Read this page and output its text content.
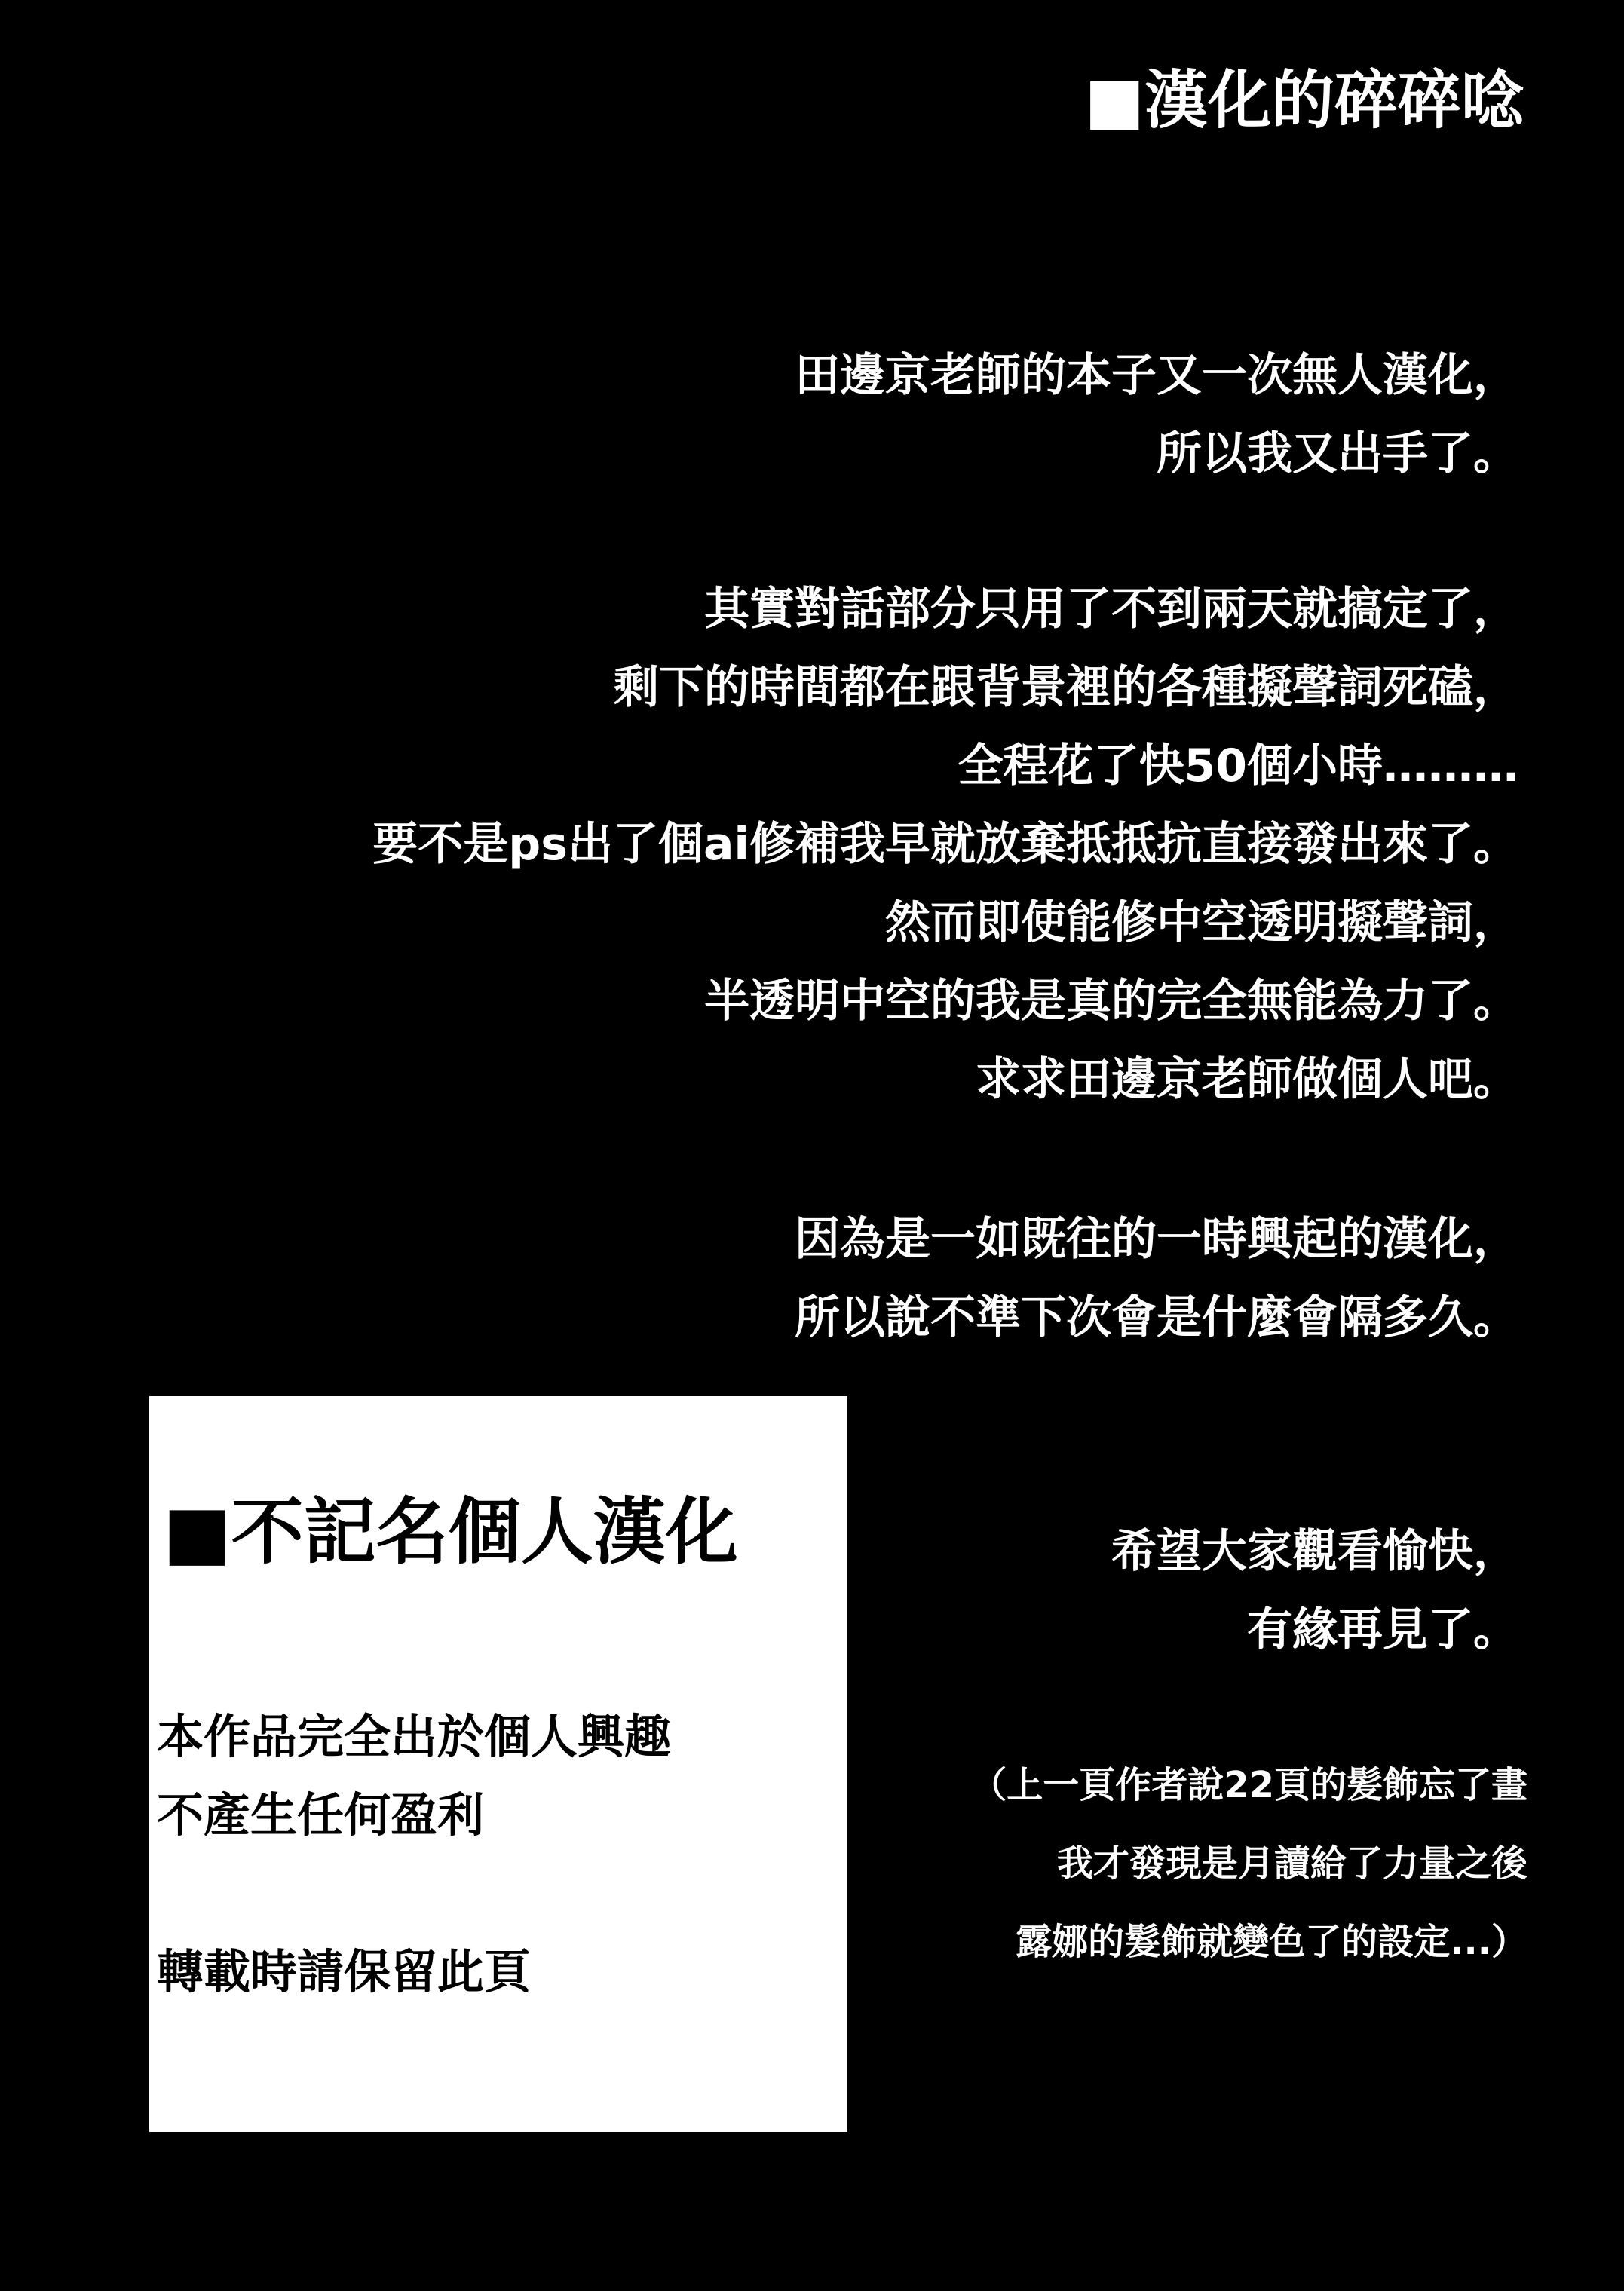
■漢化的碎碎唸
田邊京老師的本子又一次無人漢化，
所以我又出手了。
其實對話部分只用了不到兩天就搞定了，
剩下的時間都在跟背景裡的各種擬聲詞死磕，
全程花了快50個小時………
要不是ps出了個ai修補我早就放棄抵抵抗直接發出來了。
然而即使能修中空透明擬聲詞，
半透明中空的我是真的完全無能為力了。
求求田邊京老師做個人吧。
因為是一如既往的一時興起的漢化，
所以說不準下次會是什麼會隔多久。
希望大家觀看愉快，
有緣再見了。
（上一頁作者說22頁的髪飾忘了畫
我才發現是月讀給了力量之後
露娜的髮飾就變色了的設定...）
■不記名個人漢化
本作品完全出於個人興趣
不產生任何盈利
轉載時請保留此頁
